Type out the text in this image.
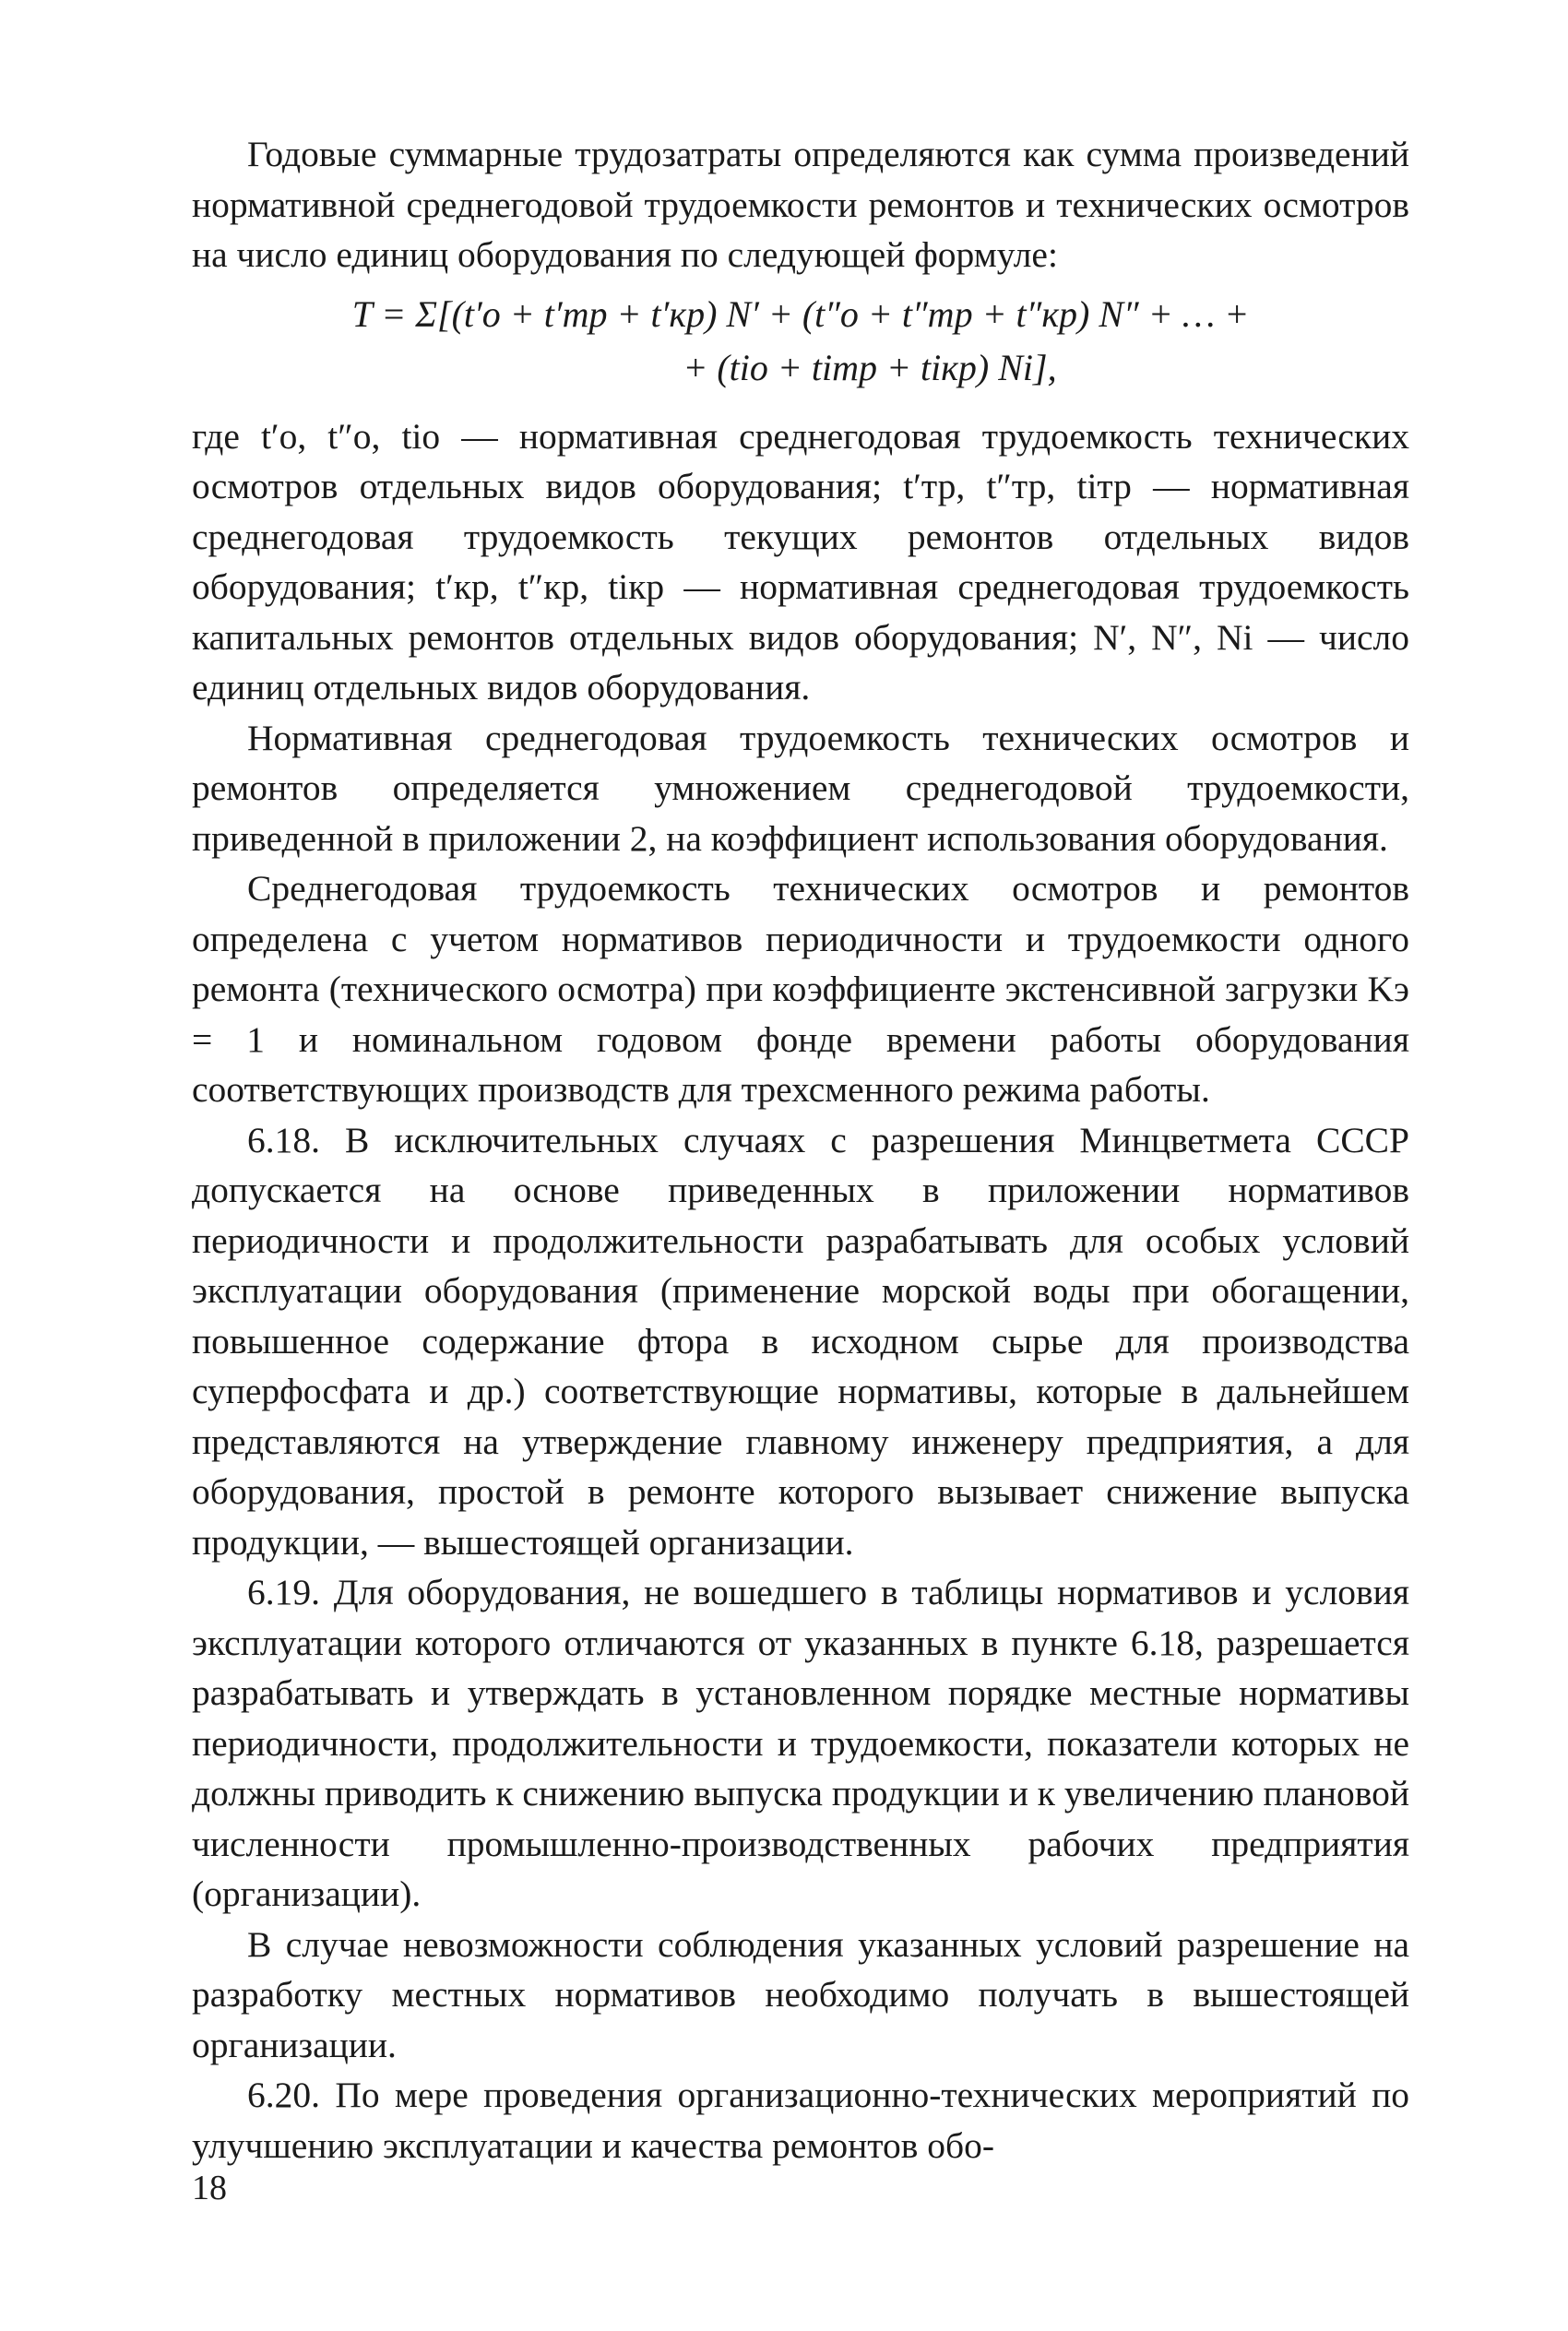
Годовые суммарные трудозатраты определяются как сумма произведений нормативной среднегодовой трудоемкости ремонтов и технических осмотров на число единиц оборудования по следующей формуле:

T = Σ[(t′о + t′тр + t′кр) N′ + (t″о + t″тр + t″кр) N″ + … +
+ (tiо + tiтр + tiкр) Ni],

где t′о, t″о, tiо — нормативная среднегодовая трудоемкость технических осмотров отдельных видов оборудования; t′тр, t″тр, tiтр — нормативная среднегодовая трудоемкость текущих ремонтов отдельных видов оборудования; t′кр, t″кр, tiкр — нормативная среднегодовая трудоемкость капитальных ремонтов отдельных видов оборудования; N′, N″, Ni — число единиц отдельных видов оборудования.

Нормативная среднегодовая трудоемкость технических осмотров и ремонтов определяется умножением среднегодовой трудоемкости, приведенной в приложении 2, на коэффициент использования оборудования.

Среднегодовая трудоемкость технических осмотров и ремонтов определена с учетом нормативов периодичности и трудоемкости одного ремонта (технического осмотра) при коэффициенте экстенсивной загрузки Kэ = 1 и номинальном годовом фонде времени работы оборудования соответствующих производств для трехсменного режима работы.

6.18. В исключительных случаях с разрешения Минцветмета СССР допускается на основе приведенных в приложении нормативов периодичности и продолжительности разрабатывать для особых условий эксплуатации оборудования (применение морской воды при обогащении, повышенное содержание фтора в исходном сырье для производства суперфосфата и др.) соответствующие нормативы, которые в дальнейшем представляются на утверждение главному инженеру предприятия, а для оборудования, простой в ремонте которого вызывает снижение выпуска продукции, — вышестоящей организации.

6.19. Для оборудования, не вошедшего в таблицы нормативов и условия эксплуатации которого отличаются от указанных в пункте 6.18, разрешается разрабатывать и утверждать в установленном порядке местные нормативы периодичности, продолжительности и трудоемкости, показатели которых не должны приводить к снижению выпуска продукции и к увеличению плановой численности промышленно-производственных рабочих предприятия (организации).

В случае невозможности соблюдения указанных условий разрешение на разработку местных нормативов необходимо получать в вышестоящей организации.

6.20. По мере проведения организационно-технических мероприятий по улучшению эксплуатации и качества ремонтов обо-

18
